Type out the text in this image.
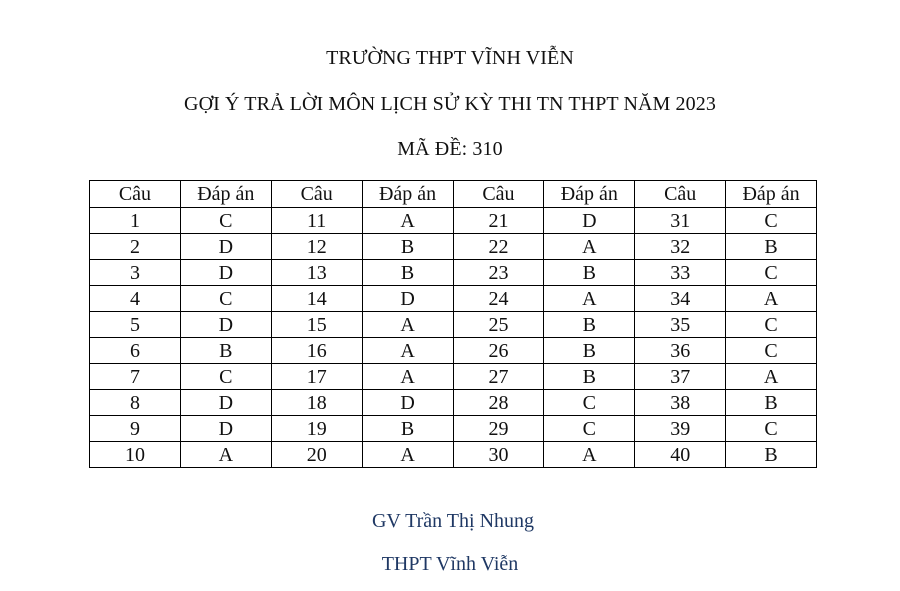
TRƯỜNG THPT VĨNH VIỄN
GỢI Ý TRẢ LỜI MÔN LỊCH SỬ KỲ THI TN THPT NĂM 2023
MÃ ĐỀ: 310
Câu	Đáp án	Câu	Đáp án	Câu	Đáp án	Câu	Đáp án
1	C	11	A	21	D	31	C
2	D	12	B	22	A	32	B
3	D	13	B	23	B	33	C
4	C	14	D	24	A	34	A
5	D	15	A	25	B	35	C
6	B	16	A	26	B	36	C
7	C	17	A	27	B	37	A
8	D	18	D	28	C	38	B
9	D	19	B	29	C	39	C
10	A	20	A	30	A	40	B
GV Trần Thị Nhung
THPT Vĩnh Viễn
